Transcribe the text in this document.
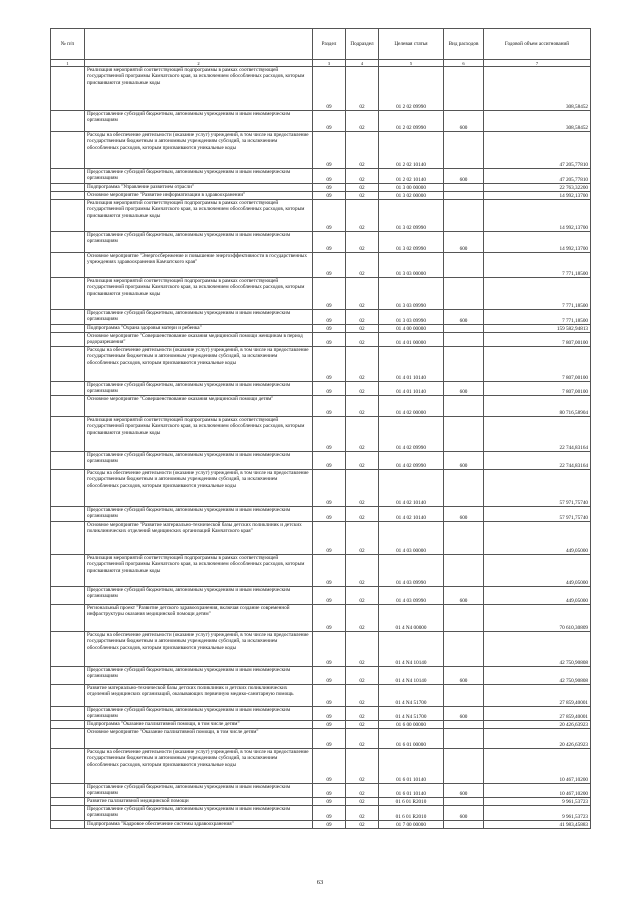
№ п/п		Раздел	Подраздел	Целевая статья	Вид расходов	Годовой объем ассигнований
1	2	3	4	5	6	7
	Реализация мероприятий соответствующей подпрограммы в рамках соответствующей государственной программы Камчатского края, за исключением обособленных расходов, которым присваиваются уникальные коды	09	02	01 2 02 09990		308,58452
	Предоставление субсидий бюджетным, автономным учреждениям и иным некоммерческим организациям	09	02	01 2 02 09990	600	308,58452
	Расходы на обеспечение деятельности (оказание услуг) учреждений, в том числе на предоставление государственным бюджетным и автономным учреждениям субсидий, за исключением обособленных расходов, которым присваиваются уникальные коды	09	02	01 2 02 10140		47 205,77810
	Предоставление субсидий бюджетным, автономным учреждениям и иным некоммерческим организациям	09	02	01 2 02 10140	600	47 205,77810
	Подпрограмма "Управление развитием отрасли"	09	02	01 3 00 00000		22 763,32200
	Основное мероприятие "Развитие информатизации в здравоохранении"	09	02	01 3 02 00000		14 992,13700
	Реализация мероприятий соответствующей подпрограммы в рамках соответствующей государственной программы Камчатского края, за исключением обособленных расходов, которым присваиваются уникальные коды	09	02	01 3 02 09990		14 992,13700
	Предоставление субсидий бюджетным, автономным учреждениям и иным некоммерческим организациям	09	02	01 3 02 09990	600	14 992,13700
	Основное мероприятие "Энергосбережение и повышение энергоэффективности в государственных учреждениях здравоохранения Камчатского края"	09	02	01 3 03 00000		7 771,18500
	Реализация мероприятий соответствующей подпрограммы в рамках соответствующей государственной программы Камчатского края, за исключением обособленных расходов, которым присваиваются уникальные коды	09	02	01 3 03 09990		7 771,18500
	Предоставление субсидий бюджетным, автономным учреждениям и иным некоммерческим организациям	09	02	01 3 03 09990	600	7 771,18500
	Подпрограмма "Охрана здоровья матери и ребенка"	09	02	01 4 00 00000		159 582,94813
	Основное мероприятие "Совершенствование оказания медицинской помощи женщинам в период родоразрешения"	09	02	01 4 01 00000		7 807,00100
	Расходы на обеспечение деятельности (оказание услуг) учреждений, в том числе на предоставление государственным бюджетным и автономным учреждениям субсидий, за исключением обособленных расходов, которым присваиваются уникальные коды	09	02	01 4 01 10140		7 807,00100
	Предоставление субсидий бюджетным, автономным учреждениям и иным некоммерческим организациям	09	02	01 4 01 10140	600	7 807,00100
	Основное мероприятие "Совершенствование оказания медицинской помощи детям"	09	02	01 4 02 00000		80 716,58904
	Реализация мероприятий соответствующей подпрограммы в рамках соответствующей государственной программы Камчатского края, за исключением обособленных расходов, которым присваиваются уникальные коды	09	02	01 4 02 09990		22 744,83164
	Предоставление субсидий бюджетным, автономным учреждениям и иным некоммерческим организациям	09	02	01 4 02 09990	600	22 744,83164
	Расходы на обеспечение деятельности (оказание услуг) учреждений, в том числе на предоставление государственным бюджетным и автономным учреждениям субсидий, за исключением обособленных расходов, которым присваиваются уникальные коды	09	02	01 4 02 10140		57 971,75740
	Предоставление субсидий бюджетным, автономным учреждениям и иным некоммерческим организациям	09	02	01 4 02 10140	600	57 971,75740
	Основное мероприятие "Развитие материально-технической базы детских поликлиник и детских поликлинических отделений медицинских организаций Камчатского края"	09	02	01 4 03 00000		449,05000
	Реализация мероприятий соответствующей подпрограммы в рамках соответствующей государственной программы Камчатского края, за исключением обособленных расходов, которым присваиваются уникальные коды	09	02	01 4 03 09990		449,05000
	Предоставление субсидий бюджетным, автономным учреждениям и иным некоммерческим организациям	09	02	01 4 03 09990	600	449,05000
	Региональный проект "Развитие детского здравоохранения, включая создание современной инфраструктуры оказания медицинской помощи детям"	09	02	01 4 N4 00000		70 610,30809
	Расходы на обеспечение деятельности (оказание услуг) учреждений, в том числе на предоставление государственным бюджетным и автономным учреждениям субсидий, за исключением обособленных расходов, которым присваиваются уникальные коды	09	02	01 4 N4 10140		42 750,90808
	Предоставление субсидий бюджетным, автономным учреждениям и иным некоммерческим организациям	09	02	01 4 N4 10140	600	42 750,90808
	Развитие материально-технической базы детских поликлиник и детских поликлинических отделений медицинских организаций, оказывающих первичную медико-санитарную помощь	09	02	01 4 N4 51700		27 859,40001
	Предоставление субсидий бюджетным, автономным учреждениям и иным некоммерческим организациям	09	02	01 4 N4 51700	600	27 859,40001
	Подпрограмма "Оказание паллиативной помощи, в том числе детям"	09	02	01 6 00 00000		20 426,63923
	Основное мероприятие "Оказание паллиативной помощи, в том числе детям"	09	02	01 6 01 00000		20 426,63923
	Расходы на обеспечение деятельности (оказание услуг) учреждений, в том числе на предоставление государственным бюджетным и автономным учреждениям субсидий, за исключением обособленных расходов, которым присваиваются уникальные коды	09	02	01 6 01 10140		10 467,10200
	Предоставление субсидий бюджетным, автономным учреждениям и иным некоммерческим организациям	09	02	01 6 01 10140	600	10 467,10200
	Развитие паллиативной медицинской помощи	09	02	01 6 01 R2010		9 961,53723
	Предоставление субсидий бюджетным, автономным учреждениям и иным некоммерческим организациям	09	02	01 6 01 R2010	600	9 961,53723
	Подпрограмма "Кадровое обеспечение системы здравоохранения"	09	02	01 7 00 00000		41 983,45883
63
